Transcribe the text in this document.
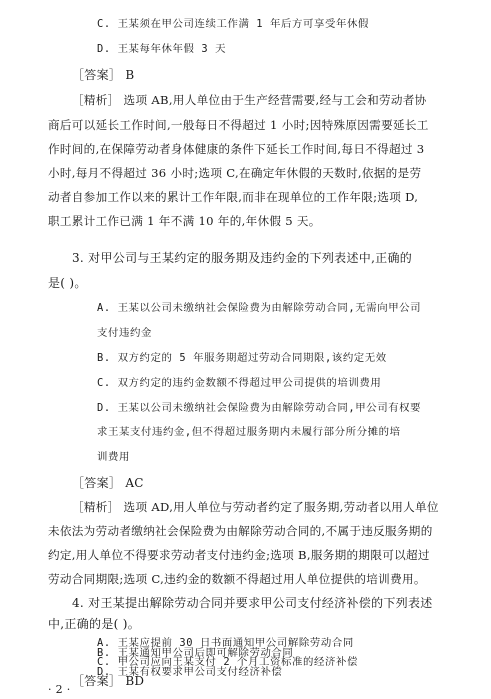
C. 王某须在甲公司连续工作满 1 年后方可享受年休假
D. 王某每年休年假 3 天
［答案］ B
［精析］ 选项 AB,用人单位由于生产经营需要,经与工会和劳动者协
商后可以延长工作时间,一般每日不得超过 1 小时;因特殊原因需要延长工
作时间的,在保障劳动者身体健康的条件下延长工作时间,每日不得超过 3
小时,每月不得超过 36 小时;选项 C,在确定年休假的天数时,依据的是劳
动者自参加工作以来的累计工作年限,而非在现单位的工作年限;选项 D,
职工累计工作已满 1 年不满 10 年的,年休假 5 天。
3. 对甲公司与王某约定的服务期及违约金的下列表述中,正确的
是( )。
A. 王某以公司未缴纳社会保险费为由解除劳动合同,无需向甲公司
支付违约金
B. 双方约定的 5 年服务期超过劳动合同期限,该约定无效
C. 双方约定的违约金数额不得超过甲公司提供的培训费用
D. 王某以公司未缴纳社会保险费为由解除劳动合同,甲公司有权要
求王某支付违约金,但不得超过服务期内未履行部分所分摊的培
训费用
［答案］ AC
［精析］ 选项 AD,用人单位与劳动者约定了服务期,劳动者以用人单位
未依法为劳动者缴纳社会保险费为由解除劳动合同的,不属于违反服务期的
约定,用人单位不得要求劳动者支付违约金;选项 B,服务期的期限可以超过
劳动合同期限;选项 C,违约金的数额不得超过用人单位提供的培训费用。
4. 对王某提出解除劳动合同并要求甲公司支付经济补偿的下列表述
中,正确的是( )。
A. 王某应提前 30 日书面通知甲公司解除劳动合同
B. 王某通知甲公司后即可解除劳动合同
C. 甲公司应向王某支付 2 个月工资标准的经济补偿
D. 王某有权要求甲公司支付经济补偿
［答案］ BD
· 2 ·
